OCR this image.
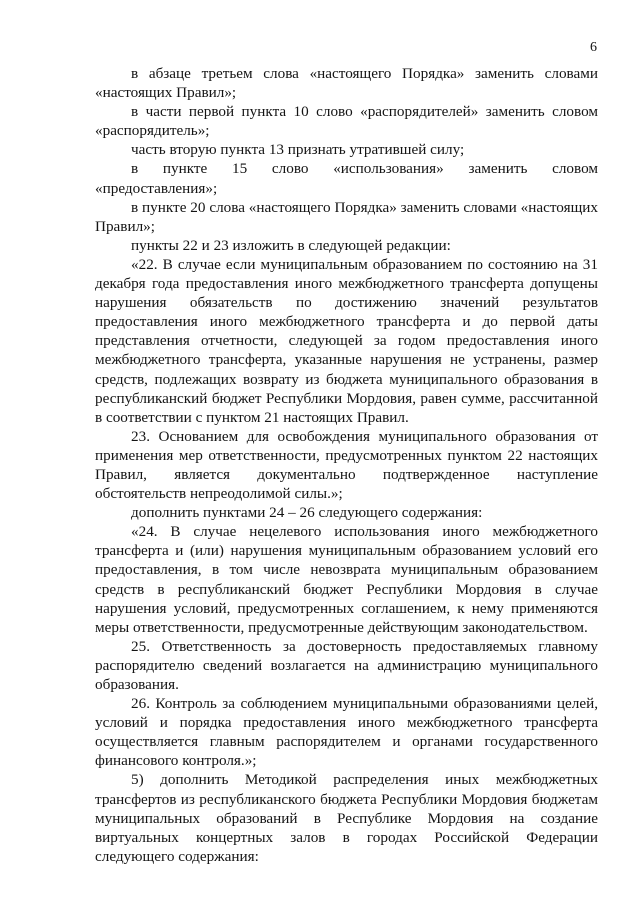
6

в абзаце третьем слова «настоящего Порядка» заменить словами «настоящих Правил»;

в части первой пункта 10 слово «распорядителей» заменить словом «распорядитель»;

часть вторую пункта 13 признать утратившей силу;

в пункте 15 слово «использования» заменить словом «предоставления»;

в пункте 20 слова «настоящего Порядка» заменить словами «настоящих Правил»;

пункты 22 и 23 изложить в следующей редакции:

«22. В случае если муниципальным образованием по состоянию на 31 декабря года предоставления иного межбюджетного трансферта допущены нарушения обязательств по достижению значений результатов предоставления иного межбюджетного трансферта и до первой даты представления отчетности, следующей за годом предоставления иного межбюджетного трансферта, указанные нарушения не устранены, размер средств, подлежащих возврату из бюджета муниципального образования в республиканский бюджет Республики Мордовия, равен сумме, рассчитанной в соответствии с пунктом 21 настоящих Правил.

23. Основанием для освобождения муниципального образования от применения мер ответственности, предусмотренных пунктом 22 настоящих Правил, является документально подтвержденное наступление обстоятельств непреодолимой силы.»;

дополнить пунктами 24 – 26 следующего содержания:

«24. В случае нецелевого использования иного межбюджетного трансферта и (или) нарушения муниципальным образованием условий его предоставления, в том числе невозврата муниципальным образованием средств в республиканский бюджет Республики Мордовия в случае нарушения условий, предусмотренных соглашением, к нему применяются меры ответственности, предусмотренные действующим законодательством.

25. Ответственность за достоверность предоставляемых главному распорядителю сведений возлагается на администрацию муниципального образования.

26. Контроль за соблюдением муниципальными образованиями целей, условий и порядка предоставления иного межбюджетного трансферта осуществляется главным распорядителем и органами государственного финансового контроля.»;

5) дополнить Методикой распределения иных межбюджетных трансфертов из республиканского бюджета Республики Мордовия бюджетам муниципальных образований в Республике Мордовия на создание виртуальных концертных залов в городах Российской Федерации следующего содержания:
